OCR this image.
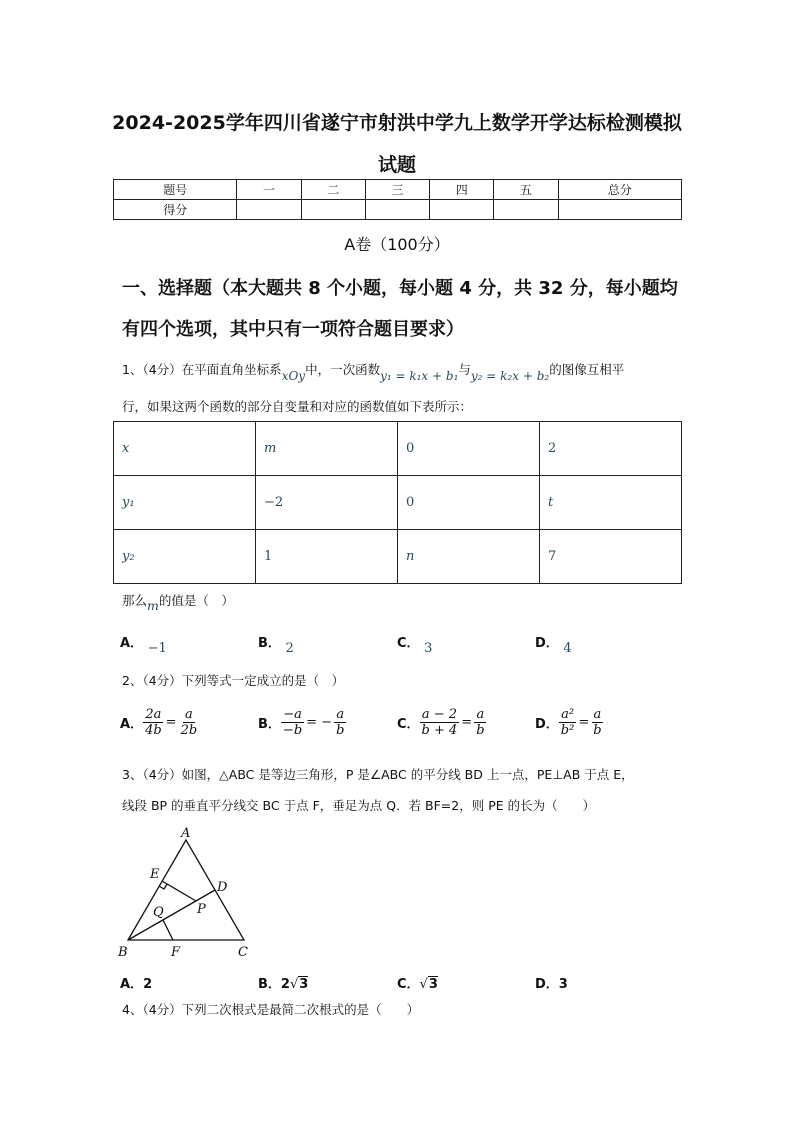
2024-2025学年四川省遂宁市射洪中学九上数学开学达标检测模拟
试题
题号	一	二	三	四	五	总分
得分						
A卷（100分）
一、选择题（本大题共 8 个小题，每小题 4 分，共 32 分，每小题均
有四个选项，其中只有一项符合题目要求）
1、（4分）在平面直角坐标系xOy中，一次函数y₁ = k₁x + b₁与y₂ = k₂x + b₂的图像互相平
行，如果这两个函数的部分自变量和对应的函数值如下表所示：
x	m	0	2
y₁	−2	0	t
y₂	1	n	7
那么m的值是（　）
A． −1	B． 2	C． 3	D． 4
2、（4分）下列等式一定成立的是（　）
A． $\frac{2a}{4b} = \frac{a}{2b}$	B． $\frac{-a}{-b}$ = − $\frac{a}{b}$	C． $\frac{a - 2}{b + 4} = \frac{a}{b}$	D． $\frac{\text{a²}}{\text{b²}} = \frac{a}{b}$
3、（4分）如图，△ABC 是等边三角形，P 是∠ABC 的平分线 BD 上一点，PE⊥AB 于点 E，
线段 BP 的垂直平分线交 BC 于点 F，垂足为点 Q．若 BF=2，则 PE 的长为（　　）
A
E
D
Q	P
B	F	C
A．2	B．2√3	C．√3	D．3
4、（4分）下列二次根式是最简二次根式的是（　　）
